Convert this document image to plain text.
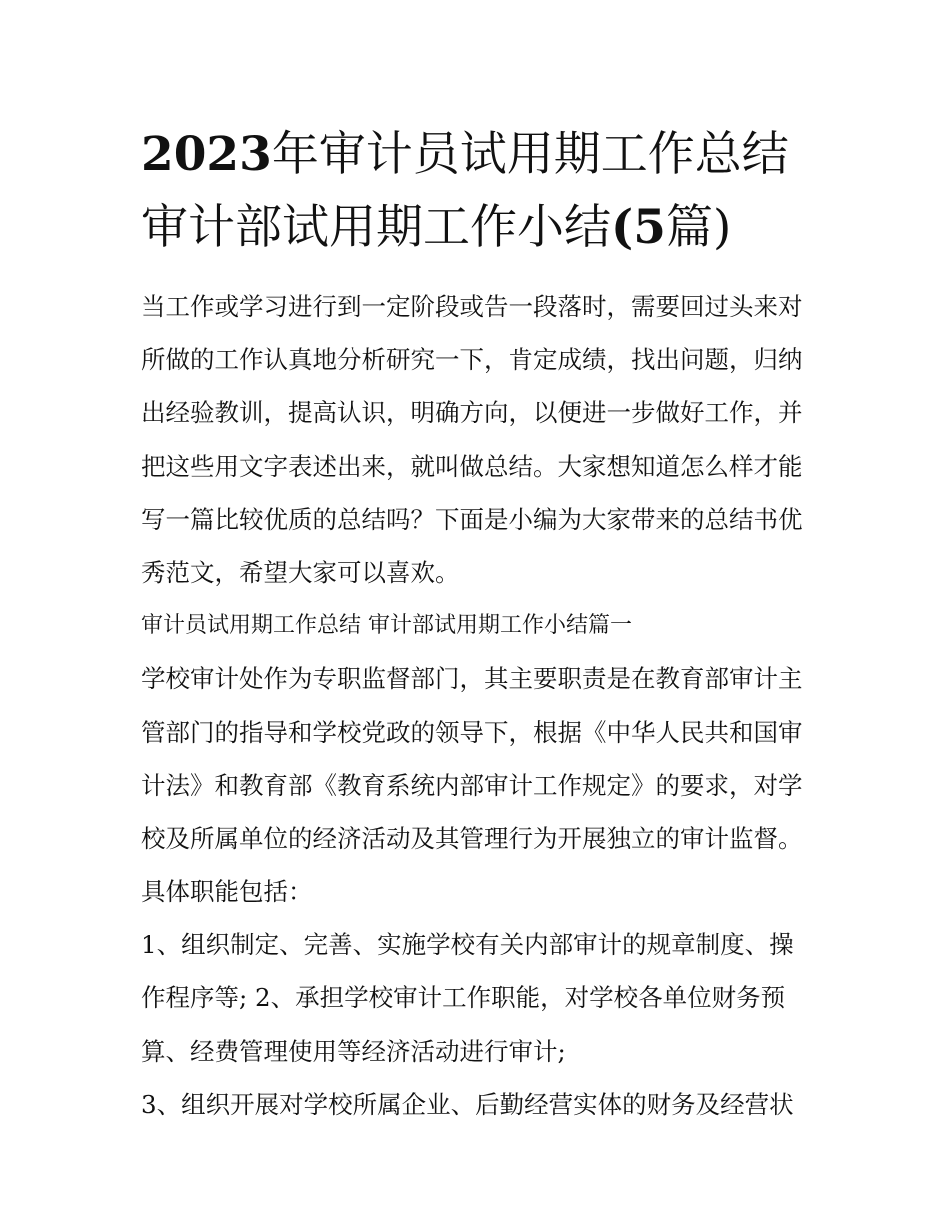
2023年审计员试用期工作总结
审计部试用期工作小结(5篇)
当工作或学习进行到一定阶段或告一段落时，需要回过头来对
所做的工作认真地分析研究一下，肯定成绩，找出问题，归纳
出经验教训，提高认识，明确方向，以便进一步做好工作，并
把这些用文字表述出来，就叫做总结。大家想知道怎么样才能
写一篇比较优质的总结吗？下面是小编为大家带来的总结书优
秀范文，希望大家可以喜欢。
审计员试用期工作总结 审计部试用期工作小结篇一
学校审计处作为专职监督部门，其主要职责是在教育部审计主
管部门的指导和学校党政的领导下，根据《中华人民共和国审
计法》和教育部《教育系统内部审计工作规定》的要求，对学
校及所属单位的经济活动及其管理行为开展独立的审计监督。
具体职能包括：
1、组织制定、完善、实施学校有关内部审计的规章制度、操
作程序等; 2、承担学校审计工作职能，对学校各单位财务预
算、经费管理使用等经济活动进行审计;
3、组织开展对学校所属企业、后勤经营实体的财务及经营状
